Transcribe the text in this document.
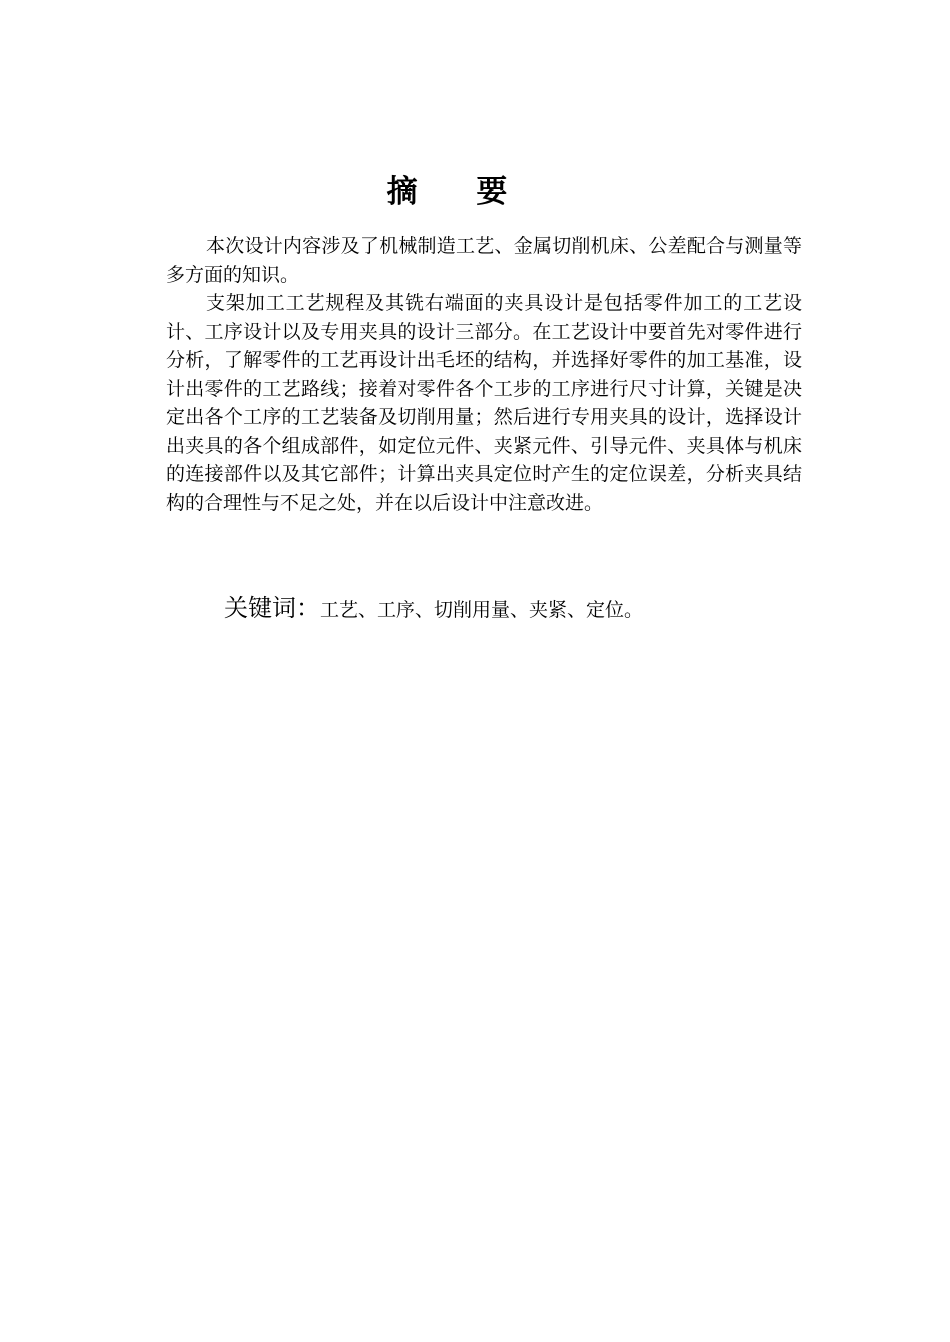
摘 要

本次设计内容涉及了机械制造工艺、金属切削机床、公差配合与测量等多方面的知识。

支架加工工艺规程及其铣右端面的夹具设计是包括零件加工的工艺设计、工序设计以及专用夹具的设计三部分。在工艺设计中要首先对零件进行分析，了解零件的工艺再设计出毛坯的结构，并选择好零件的加工基准，设计出零件的工艺路线；接着对零件各个工步的工序进行尺寸计算，关键是决定出各个工序的工艺装备及切削用量；然后进行专用夹具的设计，选择设计出夹具的各个组成部件，如定位元件、夹紧元件、引导元件、夹具体与机床的连接部件以及其它部件；计算出夹具定位时产生的定位误差，分析夹具结构的合理性与不足之处，并在以后设计中注意改进。

关键词：工艺、工序、切削用量、夹紧、定位。
